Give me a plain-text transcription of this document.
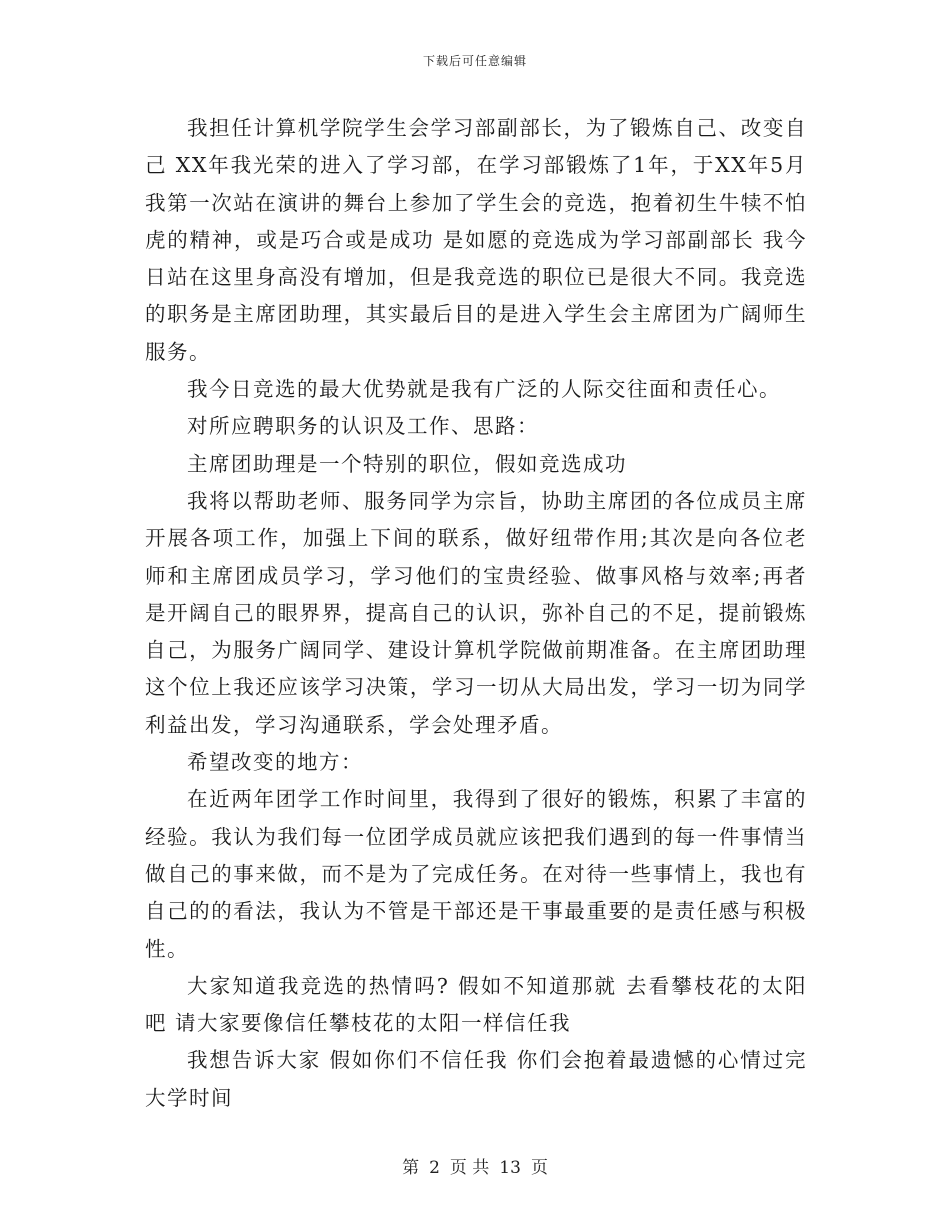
下载后可任意编辑

我担任计算机学院学生会学习部副部长，为了锻炼自己、改变自己 XX年我光荣的进入了学习部，在学习部锻炼了1年，于XX年5月我第一次站在演讲的舞台上参加了学生会的竞选，抱着初生牛犊不怕虎的精神，或是巧合或是成功 是如愿的竞选成为学习部副部长 我今日站在这里身高没有增加，但是我竞选的职位已是很大不同。我竞选的职务是主席团助理，其实最后目的是进入学生会主席团为广阔师生服务。

我今日竞选的最大优势就是我有广泛的人际交往面和责任心。

对所应聘职务的认识及工作、思路：

主席团助理是一个特别的职位，假如竞选成功

我将以帮助老师、服务同学为宗旨，协助主席团的各位成员主席开展各项工作，加强上下间的联系，做好纽带作用;其次是向各位老师和主席团成员学习，学习他们的宝贵经验、做事风格与效率;再者是开阔自己的眼界界，提高自己的认识，弥补自己的不足，提前锻炼自己，为服务广阔同学、建设计算机学院做前期准备。在主席团助理这个位上我还应该学习决策，学习一切从大局出发，学习一切为同学利益出发，学习沟通联系，学会处理矛盾。

希望改变的地方：

在近两年团学工作时间里，我得到了很好的锻炼，积累了丰富的经验。我认为我们每一位团学成员就应该把我们遇到的每一件事情当做自己的事来做，而不是为了完成任务。在对待一些事情上，我也有自己的的看法，我认为不管是干部还是干事最重要的是责任感与积极性。

大家知道我竞选的热情吗? 假如不知道那就 去看攀枝花的太阳吧 请大家要像信任攀枝花的太阳一样信任我

我想告诉大家 假如你们不信任我 你们会抱着最遗憾的心情过完大学时间

第 2 页 共 13 页
